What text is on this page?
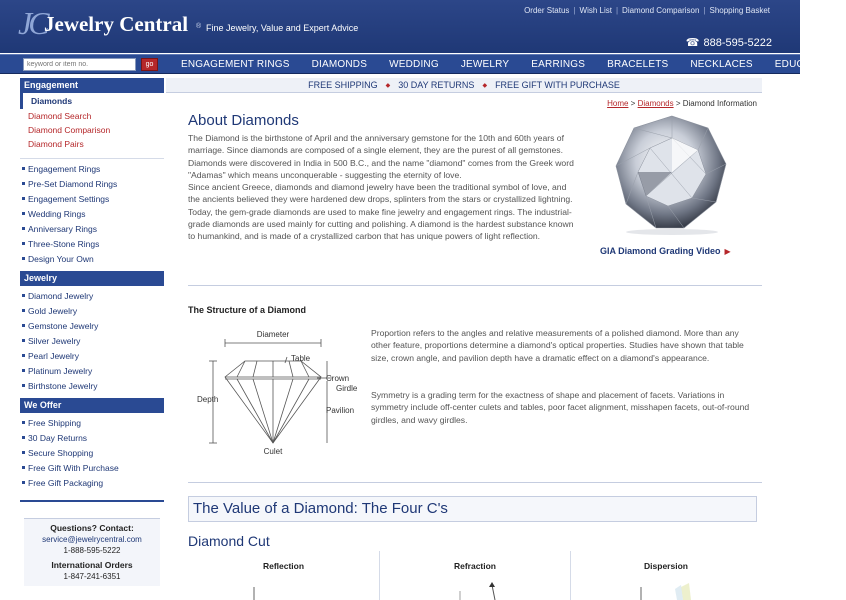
JC
Jewelry Central ® Fine Jewelry, Value and Expert Advice
Order Status | Wish List | Diamond Comparison | Shopping Basket
☎ 888-595-5222
keyword or item no.
go	ENGAGEMENT RINGS	DIAMONDS	WEDDING	JEWELRY	EARRINGS	BRACELETS	NECKLACES	EDUCATION
FREE SHIPPING ◆ 30 DAY RETURNS ◆ FREE GIFT WITH PURCHASE
Engagement
Diamonds
Diamond Search
Diamond Comparison
Diamond Pairs
Engagement Rings
Pre-Set Diamond Rings
Engagement Settings
Wedding Rings
Anniversary Rings
Three-Stone Rings
Design Your Own
Jewelry
Diamond Jewelry
Gold Jewelry
Gemstone Jewelry
Silver Jewelry
Pearl Jewelry
Platinum Jewelry
Birthstone Jewelry
We Offer
Free Shipping
30 Day Returns
Secure Shopping
Free Gift With Purchase
Free Gift Packaging
Questions? Contact:
service@jewelrycentral.com
1-888-595-5222
International Orders
1-847-241-6351
Home > Diamonds > Diamond Information
About Diamonds

The Diamond is the birthstone of April and the anniversary gemstone for the 10th and 60th years of marriage. Since diamonds are composed of a single element, they are the purest of all gemstones. Diamonds were discovered in India in 500 B.C., and the name "diamond" comes from the Greek word "Adamas" which means unconquerable - suggesting the eternity of love.

Since ancient Greece, diamonds and diamond jewelry have been the traditional symbol of love, and the ancients believed they were hardened dew drops, splinters from the stars or crystallized lightning. Today, the gem-grade diamonds are used to make fine jewelry and engagement rings. The industrial-grade diamonds are used mainly for cutting and polishing. A diamond is the hardest substance known to humankind, and is made of a crystallized carbon that has unique powers of light reflection.

GIA Diamond Grading Video ▶
The Structure of a Diamond
Diameter
Table
Crown
Girdle
Pavilion
Depth
Culet

Proportion refers to the angles and relative measurements of a polished diamond. More than any other feature, proportions determine a diamond's optical properties. Studies have shown that table size, crown angle, and pavilion depth have a dramatic effect on a diamond's appearance.

Symmetry is a grading term for the exactness of shape and placement of facets. Variations in symmetry include off-center culets and tables, poor facet alignment, misshapen facets, out-of-round girdles, and wavy girdles.

The Value of a Diamond: The Four C's
Diamond Cut
Reflection	Refraction	Dispersion
